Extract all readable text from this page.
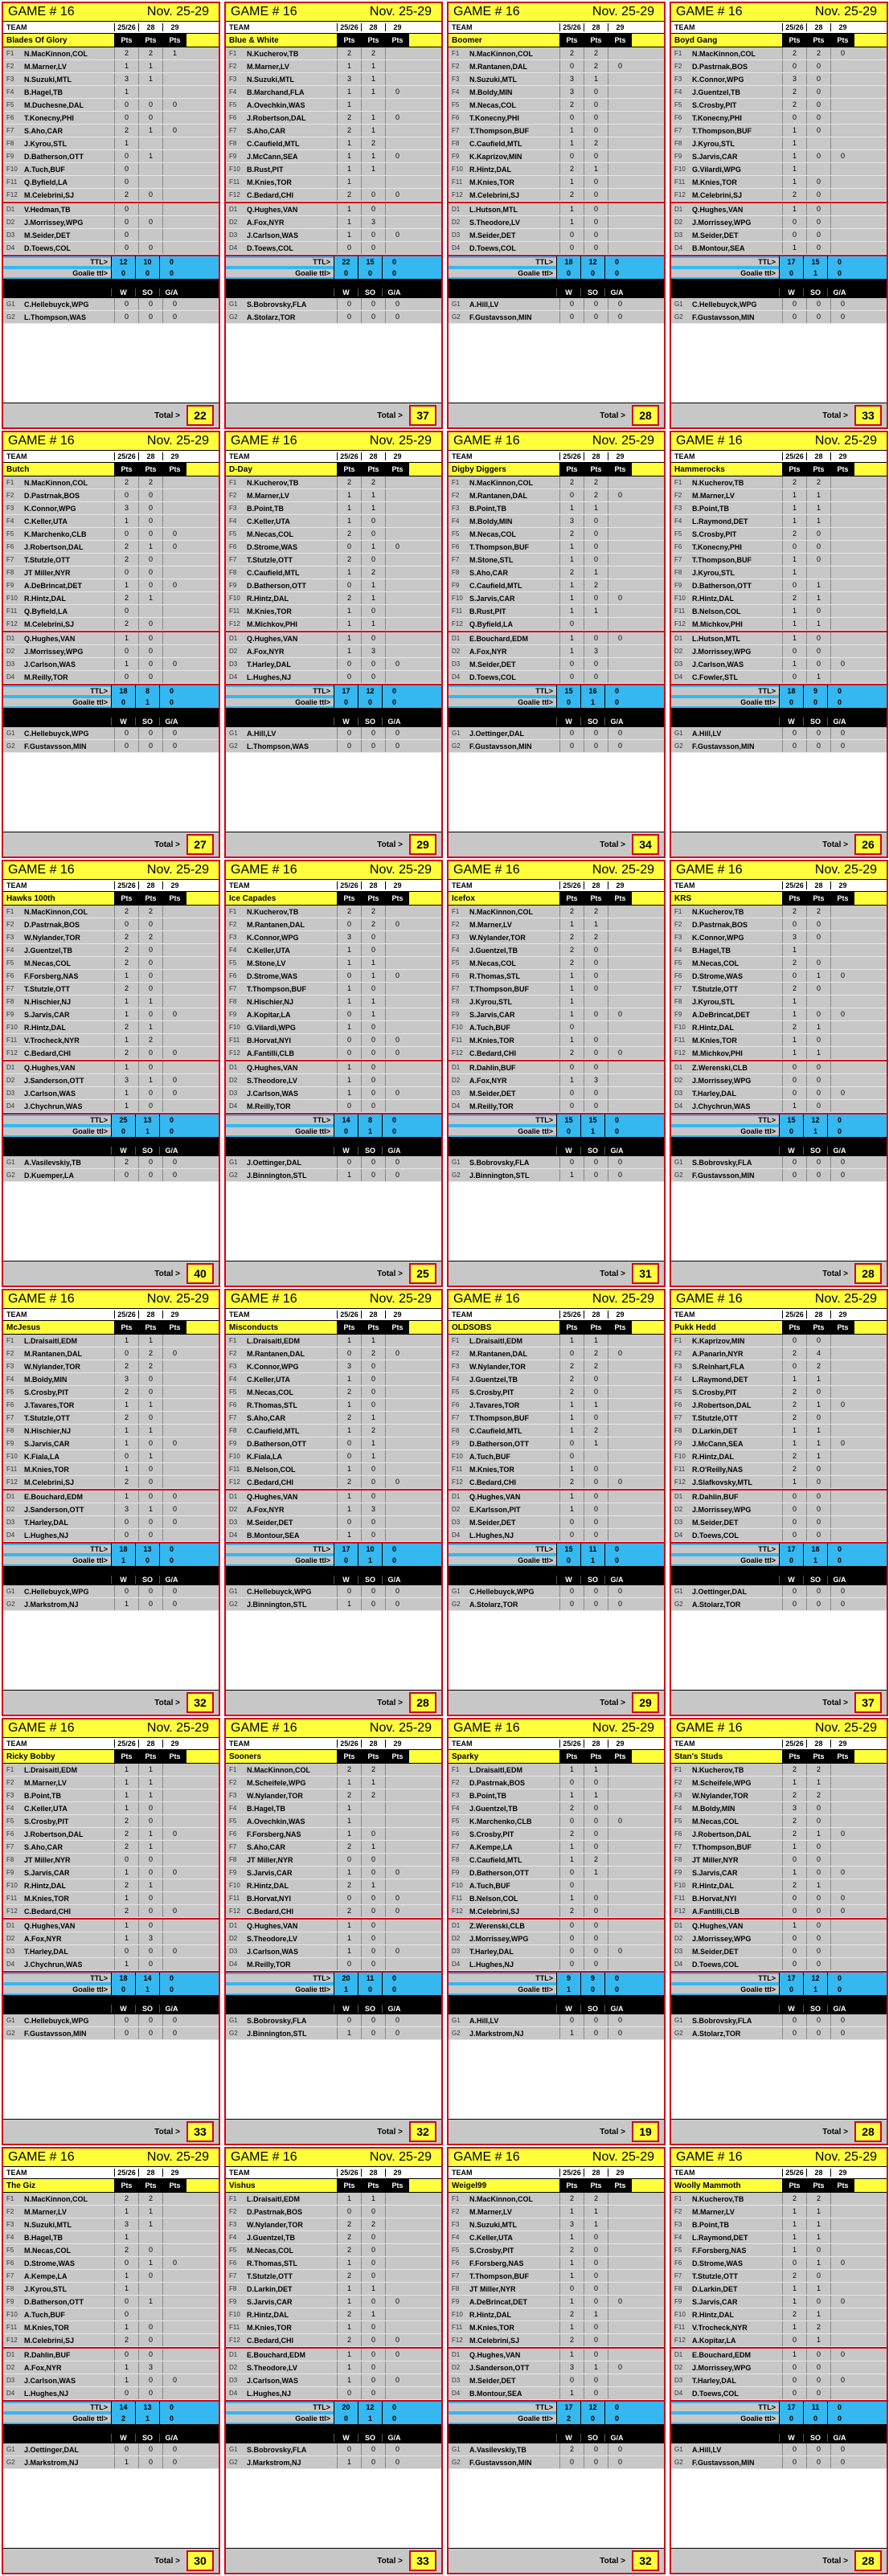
GAME # 16	Nov. 25-29
TEAM	25/26	28	29
Blades Of Glory	Pts	Pts	Pts
F1	N.MacKinnon,COL	2	2	1
F2	M.Marner,LV	1	1
F3	N.Suzuki,MTL	3	1
F4	B.Hagel,TB	1
F5	M.Duchesne,DAL	0	0	0
F6	T.Konecny,PHI	0	0
F7	S.Aho,CAR	2	1	0
F8	J.Kyrou,STL	1
F9	D.Batherson,OTT	0	1
F10 A.Tuch,BUF	0
F11 Q.Byfield,LA	0
F12 M.Celebrini,SJ	2	0
D1	V.Hedman,TB	0
D2	J.Morrissey,WPG	0	0
D3	M.Seider,DET	0
D4	D.Toews,COL	0	0
TTL>	12	10	0
Goalie ttl>	0	0	0
W	SO	G/A
G1	C.Hellebuyck,WPG	0	0	0
G2	L.Thompson,WAS	0	0	0
Total >	22
GAME # 16	Nov. 25-29
TEAM	25/26	28	29
Blue & White	Pts	Pts	Pts
F1	N.Kucherov,TB	2	2
F2	M.Marner,LV	1	1
F3	N.Suzuki,MTL	3	1
F4	B.Marchand,FLA	1	1	0
F5	A.Ovechkin,WAS	1
F6	J.Robertson,DAL	2	1	0
F7	S.Aho,CAR	2	1
F8	C.Caufield,MTL	1	2
F9	J.McCann,SEA	1	1	0
F10 B.Rust,PIT	1	1
F11 M.Knies,TOR	1
F12 C.Bedard,CHI	2	0	0
D1	Q.Hughes,VAN	1	0
D2	A.Fox,NYR	1	3
D3	J.Carlson,WAS	1	0	0
D4	D.Toews,COL	0	0
TTL>	22	15	0
Goalie ttl>	0	0	0
W	SO	G/A
G1	S.Bobrovsky,FLA	0	0	0
G2	A.Stolarz,TOR	0	0	0
Total >	37
GAME # 16	Nov. 25-29
TEAM	25/26	28	29
Boomer	Pts	Pts	Pts
F1	N.MacKinnon,COL	2	2
F2	M.Rantanen,DAL	0	2	0
F3	N.Suzuki,MTL	3	1
F4	M.Boldy,MIN	3	0
F5	M.Necas,COL	2	0
F6	T.Konecny,PHI	0	0
F7	T.Thompson,BUF	1	0
F8	C.Caufield,MTL	1	2
F9	K.Kaprizov,MIN	0	0
F10 R.Hintz,DAL	2	1
F11 M.Knies,TOR	1	0
F12 M.Celebrini,SJ	2	0
D1	L.Hutson,MTL	1	0
D2	S.Theodore,LV	1	0
D3	M.Seider,DET	0	0
D4	D.Toews,COL	0	0
TTL>	18	12	0
Goalie ttl>	0	0	0
W	SO	G/A
G1	A.Hill,LV	0	0	0
G2	F.Gustavsson,MIN	0	0	0
Total >	28
GAME # 16	Nov. 25-29
TEAM	25/26	28	29
Boyd Gang	Pts	Pts	Pts
F1	N.MacKinnon,COL	2	2	0
F2	D.Pastrnak,BOS	0	0
F3	K.Connor,WPG	3	0
F4	J.Guentzel,TB	2	0
F5	S.Crosby,PIT	2	0
F6	T.Konecny,PHI	0	0
F7	T.Thompson,BUF	1	0
F8	J.Kyrou,STL	1
F9	S.Jarvis,CAR	1	0	0
F10 G.Vilardi,WPG	1
F11 M.Knies,TOR	1	0
F12 M.Celebrini,SJ	2	0
D1	Q.Hughes,VAN	1	0
D2	J.Morrissey,WPG	0	0
D3	M.Seider,DET	0	0
D4	B.Montour,SEA	1	0
TTL>	17	15	0
Goalie ttl>	0	1	0
W	SO	G/A
G1	C.Hellebuyck,WPG	0	0	0
G2	F.Gustavsson,MIN	0	0	0
Total >	33
GAME # 16	Nov. 25-29
TEAM	25/26	28	29
Butch	Pts	Pts	Pts
F1	N.MacKinnon,COL	2	2
F2	D.Pastrnak,BOS	0	0
F3	K.Connor,WPG	3	0
F4	C.Keller,UTA	1	0
F5	K.Marchenko,CLB	0	0	0
F6	J.Robertson,DAL	2	1	0
F7	T.Stutzle,OTT	2	0
F8	JT Miller,NYR	0	0
F9	A.DeBrincat,DET	1	0	0
F10 R.Hintz,DAL	2	1
F11 Q.Byfield,LA	0
F12 M.Celebrini,SJ	2	0
D1	Q.Hughes,VAN	1	0
D2	J.Morrissey,WPG	0	0
D3	J.Carlson,WAS	1	0	0
D4	M.Reilly,TOR	0	0
TTL>	18	8	0
Goalie ttl>	0	1	0
W	SO	G/A
G1	C.Hellebuyck,WPG	0	0	0
G2	F.Gustavsson,MIN	0	0	0
Total >	27
GAME # 16	Nov. 25-29
TEAM	25/26	28	29
D-Day	Pts	Pts	Pts
F1	N.Kucherov,TB	2	2
F2	M.Marner,LV	1	1
F3	B.Point,TB	1	1
F4	C.Keller,UTA	1	0
F5	M.Necas,COL	2	0
F6	D.Strome,WAS	0	1	0
F7	T.Stutzle,OTT	2	0
F8	C.Caufield,MTL	1	2
F9	D.Batherson,OTT	0	1
F10 R.Hintz,DAL	2	1
F11 M.Knies,TOR	1	0
F12 M.Michkov,PHI	1	1
D1	Q.Hughes,VAN	1	0
D2	A.Fox,NYR	1	3
D3	T.Harley,DAL	0	0	0
D4	L.Hughes,NJ	0	0
TTL>	17	12	0
Goalie ttl>	0	0	0
W	SO	G/A
G1	A.Hill,LV	0	0	0
G2	L.Thompson,WAS	0	0	0
Total >	29
GAME # 16	Nov. 25-29
TEAM	25/26	28	29
Digby Diggers	Pts	Pts	Pts
F1	N.MacKinnon,COL	2	2
F2	M.Rantanen,DAL	0	2	0
F3	B.Point,TB	1	1
F4	M.Boldy,MIN	3	0
F5	M.Necas,COL	2	0
F6	T.Thompson,BUF	1	0
F7	M.Stone,STL	1	0
F8	S.Aho,CAR	2	1
F9	C.Caufield,MTL	1	2
F10 S.Jarvis,CAR	1	0	0
F11 B.Rust,PIT	1	1
F12 Q.Byfield,LA	0
D1	E.Bouchard,EDM	1	0	0
D2	A.Fox,NYR	1	3
D3	M.Seider,DET	0	0
D4	D.Toews,COL	0	0
TTL>	15	16	0
Goalie ttl>	0	1	0
W	SO	G/A
G1	J.Oettinger,DAL	0	0	0
G2	F.Gustavsson,MIN	0	0	0
Total >	34
GAME # 16	Nov. 25-29
TEAM	25/26	28	29
Hammerocks	Pts	Pts	Pts
F1	N.Kucherov,TB	2	2
F2	M.Marner,LV	1	1
F3	B.Point,TB	1	1
F4	L.Raymond,DET	1	1
F5	S.Crosby,PIT	2	0
F6	T.Konecny,PHI	0	0
F7	T.Thompson,BUF	1	0
F8	J.Kyrou,STL	1
F9	D.Batherson,OTT	0	1
F10 R.Hintz,DAL	2	1
F11 B.Nelson,COL	1	0
F12 M.Michkov,PHI	1	1
D1	L.Hutson,MTL	1	0
D2	J.Morrissey,WPG	0	0
D3	J.Carlson,WAS	1	0	0
D4	C.Fowler,STL	0	1
TTL>	18	9	0
Goalie ttl>	0	0	0
W	SO	G/A
G1	A.Hill,LV	0	0	0
G2	F.Gustavsson,MIN	0	0	0
Total >	26
GAME # 16	Nov. 25-29
TEAM	25/26	28	29
Hawks 100th	Pts	Pts	Pts
F1	N.MacKinnon,COL	2	2
F2	D.Pastrnak,BOS	0	0
F3	W.Nylander,TOR	2	2
F4	J.Guentzel,TB	2	0
F5	M.Necas,COL	2	0
F6	F.Forsberg,NAS	1	0
F7	T.Stutzle,OTT	2	0
F8	N.Hischier,NJ	1	1
F9	S.Jarvis,CAR	1	0	0
F10 R.Hintz,DAL	2	1
F11 V.Trocheck,NYR	1	2
F12 C.Bedard,CHI	2	0	0
D1	Q.Hughes,VAN	1	0
D2	J.Sanderson,OTT	3	1	0
D3	J.Carlson,WAS	1	0	0
D4	J.Chychrun,WAS	1	0
TTL>	25	13	0
Goalie ttl>	0	1	0
W	SO	G/A
G1	A.Vasilevskiy,TB	2	0	0
G2	D.Kuemper,LA	0	0	0
Total >	40
GAME # 16	Nov. 25-29
TEAM	25/26	28	29
Ice Capades	Pts	Pts	Pts
F1	N.Kucherov,TB	2	2
F2	M.Rantanen,DAL	0	2	0
F3	K.Connor,WPG	3	0
F4	C.Keller,UTA	1	0
F5	M.Stone,LV	1	1
F6	D.Strome,WAS	0	1	0
F7	T.Thompson,BUF	1	0
F8	N.Hischier,NJ	1	1
F9	A.Kopitar,LA	0	1
F10 G.Vilardi,WPG	1	0
F11 B.Horvat,NYI	0	0	0
F12 A.Fantilli,CLB	0	0	0
D1	Q.Hughes,VAN	1	0
D2	S.Theodore,LV	1	0
D3	J.Carlson,WAS	1	0	0
D4	M.Reilly,TOR	0	0
TTL>	14	8	0
Goalie ttl>	0	1	0
W	SO	G/A
G1	J.Oettinger,DAL	0	0	0
G2	J.Binnington,STL	1	0	0
Total >	25
GAME # 16	Nov. 25-29
TEAM	25/26	28	29
Icefox	Pts	Pts	Pts
F1	N.MacKinnon,COL	2	2
F2	M.Marner,LV	1	1
F3	W.Nylander,TOR	2	2
F4	J.Guentzel,TB	2	0
F5	M.Necas,COL	2	0
F6	R.Thomas,STL	1	0
F7	T.Thompson,BUF	1	0
F8	J.Kyrou,STL	1
F9	S.Jarvis,CAR	1	0	0
F10 A.Tuch,BUF	0
F11 M.Knies,TOR	1	0
F12 C.Bedard,CHI	2	0	0
D1	R.Dahlin,BUF	0	0
D2	A.Fox,NYR	1	3
D3	M.Seider,DET	0	0
D4	M.Reilly,TOR	0	0
TTL>	15	15	0
Goalie ttl>	0	1	0
W	SO	G/A
G1	S.Bobrovsky,FLA	0	0	0
G2	J.Binnington,STL	1	0	0
Total >	31
GAME # 16	Nov. 25-29
TEAM	25/26	28	29
KRS	Pts	Pts	Pts
F1	N.Kucherov,TB	2	2
F2	D.Pastrnak,BOS	0	0
F3	K.Connor,WPG	3	0
F4	B.Hagel,TB	1
F5	M.Necas,COL	2	0
F6	D.Strome,WAS	0	1	0
F7	T.Stutzle,OTT	2	0
F8	J.Kyrou,STL	1
F9	A.DeBrincat,DET	1	0	0
F10 R.Hintz,DAL	2	1
F11 M.Knies,TOR	1	0
F12 M.Michkov,PHI	1	1
D1	Z.Werenski,CLB	0	0
D2	J.Morrissey,WPG	0	0
D3	T.Harley,DAL	0	0	0
D4	J.Chychrun,WAS	1	0
TTL>	15	12	0
Goalie ttl>	0	1	0
W	SO	G/A
G1	S.Bobrovsky,FLA	0	0	0
G2	F.Gustavsson,MIN	0	0	0
Total >	28
GAME # 16	Nov. 25-29
TEAM	25/26	28	29
McJesus	Pts	Pts	Pts
F1	L.Draisaitl,EDM	1	1
F2	M.Rantanen,DAL	0	2	0
F3	W.Nylander,TOR	2	2
F4	M.Boldy,MIN	3	0
F5	S.Crosby,PIT	2	0
F6	J.Tavares,TOR	1	1
F7	T.Stutzle,OTT	2	0
F8	N.Hischier,NJ	1	1
F9	S.Jarvis,CAR	1	0	0
F10 K.Fiala,LA	0	1
F11 M.Knies,TOR	1	0
F12 M.Celebrini,SJ	2	0
D1	E.Bouchard,EDM	1	0	0
D2	J.Sanderson,OTT	3	1	0
D3	T.Harley,DAL	0	0	0
D4	L.Hughes,NJ	0	0
TTL>	18	13	0
Goalie ttl>	1	0	0
W	SO	G/A
G1	C.Hellebuyck,WPG	0	0	0
G2	J.Markstrom,NJ	1	0	0
Total >	32
GAME # 16	Nov. 25-29
TEAM	25/26	28	29
Misconducts	Pts	Pts	Pts
F1	L.Draisaitl,EDM	1	1
F2	M.Rantanen,DAL	0	2	0
F3	K.Connor,WPG	3	0
F4	C.Keller,UTA	1	0
F5	M.Necas,COL	2	0
F6	R.Thomas,STL	1	0
F7	S.Aho,CAR	2	1
F8	C.Caufield,MTL	1	2
F9	D.Batherson,OTT	0	1
F10 K.Fiala,LA	0	1
F11 B.Nelson,COL	1	0
F12 C.Bedard,CHI	2	0	0
D1	Q.Hughes,VAN	1	0
D2	A.Fox,NYR	1	3
D3	M.Seider,DET	0	0
D4	B.Montour,SEA	1	0
TTL>	17	10	0
Goalie ttl>	0	1	0
W	SO	G/A
G1	C.Hellebuyck,WPG	0	0	0
G2	J.Binnington,STL	1	0	0
Total >	28
GAME # 16	Nov. 25-29
TEAM	25/26	28	29
OLDSOBS	Pts	Pts	Pts
F1	L.Draisaitl,EDM	1	1
F2	M.Rantanen,DAL	0	2	0
F3	W.Nylander,TOR	2	2
F4	J.Guentzel,TB	2	0
F5	S.Crosby,PIT	2	0
F6	J.Tavares,TOR	1	1
F7	T.Thompson,BUF	1	0
F8	C.Caufield,MTL	1	2
F9	D.Batherson,OTT	0	1
F10 A.Tuch,BUF	0
F11 M.Knies,TOR	1	0
F12 C.Bedard,CHI	2	0	0
D1	Q.Hughes,VAN	1	0
D2	E.Karlsson,PIT	1	0
D3	M.Seider,DET	0	0
D4	L.Hughes,NJ	0	0
TTL>	15	11	0
Goalie ttl>	0	1	0
W	SO	G/A
G1	C.Hellebuyck,WPG	0	0	0
G2	A.Stolarz,TOR	0	0	0
Total >	29
GAME # 16	Nov. 25-29
TEAM	25/26	28	29
Pukk Hedd	Pts	Pts	Pts
F1	K.Kaprizov,MIN	0	0
F2	A.Panarin,NYR	2	4
F3	S.Reinhart,FLA	0	2
F4	L.Raymond,DET	1	1
F5	S.Crosby,PIT	2	0
F6	J.Robertson,DAL	2	1	0
F7	T.Stutzle,OTT	2	0
F8	D.Larkin,DET	1	1
F9	J.McCann,SEA	1	1	0
F10 R.Hintz,DAL	2	1
F11 R.O'Reilly,NAS	2	0
F12 J.Slafkovsky,MTL	1	0
D1	R.Dahlin,BUF	0	0
D2	J.Morrissey,WPG	0	0
D3	M.Seider,DET	0	0
D4	D.Toews,COL	0	0
TTL>	17	18	0
Goalie ttl>	0	1	0
W	SO	G/A
G1	J.Oettinger,DAL	0	0	0
G2	A.Stolarz,TOR	0	0	0
Total >	37
GAME # 16	Nov. 25-29
TEAM	25/26	28	29
Ricky Bobby	Pts	Pts	Pts
F1	L.Draisaitl,EDM	1	1
F2	M.Marner,LV	1	1
F3	B.Point,TB	1	1
F4	C.Keller,UTA	1	0
F5	S.Crosby,PIT	2	0
F6	J.Robertson,DAL	2	1	0
F7	S.Aho,CAR	2	1
F8	JT Miller,NYR	0	0
F9	S.Jarvis,CAR	1	0	0
F10 R.Hintz,DAL	2	1
F11 M.Knies,TOR	1	0
F12 C.Bedard,CHI	2	0	0
D1	Q.Hughes,VAN	1	0
D2	A.Fox,NYR	1	3
D3	T.Harley,DAL	0	0	0
D4	J.Chychrun,WAS	1	0
TTL>	18	14	0
Goalie ttl>	0	1	0
W	SO	G/A
G1	C.Hellebuyck,WPG	0	0	0
G2	F.Gustavsson,MIN	0	0	0
Total >	33
GAME # 16	Nov. 25-29
TEAM	25/26	28	29
Sooners	Pts	Pts	Pts
F1	N.MacKinnon,COL	2	2
F2	M.Scheifele,WPG	1	1
F3	W.Nylander,TOR	2	2
F4	B.Hagel,TB	1
F5	A.Ovechkin,WAS	1
F6	F.Forsberg,NAS	1	0
F7	S.Aho,CAR	2	1
F8	JT Miller,NYR	0	0
F9	S.Jarvis,CAR	1	0	0
F10 R.Hintz,DAL	2	1
F11 B.Horvat,NYI	0	0	0
F12 C.Bedard,CHI	2	0	0
D1	Q.Hughes,VAN	1	0
D2	S.Theodore,LV	1	0
D3	J.Carlson,WAS	1	0	0
D4	M.Reilly,TOR	0	0
TTL>	20	11	0
Goalie ttl>	1	0	0
W	SO	G/A
G1	S.Bobrovsky,FLA	0	0	0
G2	J.Binnington,STL	1	0	0
Total >	32
GAME # 16	Nov. 25-29
TEAM	25/26	28	29
Sparky	Pts	Pts	Pts
F1	L.Draisaitl,EDM	1	1
F2	D.Pastrnak,BOS	0	0
F3	B.Point,TB	1	1
F4	J.Guentzel,TB	2	0
F5	K.Marchenko,CLB	0	0	0
F6	S.Crosby,PIT	2	0
F7	A.Kempe,LA	1	0
F8	C.Caufield,MTL	1	2
F9	D.Batherson,OTT	0	1
F10 A.Tuch,BUF	0
F11 B.Nelson,COL	1	0
F12 M.Celebrini,SJ	2	0
D1	Z.Werenski,CLB	0	0
D2	J.Morrissey,WPG	0	0
D3	T.Harley,DAL	0	0	0
D4	L.Hughes,NJ	0	0
TTL>	9	9	0
Goalie ttl>	1	0	0
W	SO	G/A
G1	A.Hill,LV	0	0	0
G2	J.Markstrom,NJ	1	0	0
Total >	19
GAME # 16	Nov. 25-29
TEAM	25/26	28	29
Stan's Studs	Pts	Pts	Pts
F1	N.Kucherov,TB	2	2
F2	M.Scheifele,WPG	1	1
F3	W.Nylander,TOR	2	2
F4	M.Boldy,MIN	3	0
F5	M.Necas,COL	2	0
F6	J.Robertson,DAL	2	1	0
F7	T.Thompson,BUF	1	0
F8	JT Miller,NYR	0	0
F9	S.Jarvis,CAR	1	0	0
F10 R.Hintz,DAL	2	1
F11 B.Horvat,NYI	0	0	0
F12 A.Fantilli,CLB	0	0	0
D1	Q.Hughes,VAN	1	0
D2	J.Morrissey,WPG	0	0
D3	M.Seider,DET	0	0
D4	D.Toews,COL	0	0
TTL>	17	12	0
Goalie ttl>	0	1	0
W	SO	G/A
G1	S.Bobrovsky,FLA	0	0	0
G2	A.Stolarz,TOR	0	0	0
Total >	28
GAME # 16	Nov. 25-29
TEAM	25/26	28	29
The Giz	Pts	Pts	Pts
F1	N.MacKinnon,COL	2	2
F2	M.Marner,LV	1	1
F3	N.Suzuki,MTL	3	1
F4	B.Hagel,TB	1
F5	M.Necas,COL	2	0
F6	D.Strome,WAS	0	1	0
F7	A.Kempe,LA	1	0
F8	J.Kyrou,STL	1
F9	D.Batherson,OTT	0	1
F10 A.Tuch,BUF	0
F11 M.Knies,TOR	1	0
F12 M.Celebrini,SJ	2	0
D1	R.Dahlin,BUF	0	0
D2	A.Fox,NYR	1	3
D3	J.Carlson,WAS	1	0	0
D4	L.Hughes,NJ	0	0
TTL>	14	13	0
Goalie ttl>	2	1	0
W	SO	G/A
G1	J.Oettinger,DAL	0	0	0
G2	J.Markstrom,NJ	1	0	0
Total >	30
GAME # 16	Nov. 25-29
TEAM	25/26	28	29
Vishus	Pts	Pts	Pts
F1	L.Draisaitl,EDM	1	1
F2	D.Pastrnak,BOS	0	0
F3	W.Nylander,TOR	2	2
F4	J.Guentzel,TB	2	0
F5	M.Necas,COL	2	0
F6	R.Thomas,STL	1	0
F7	T.Stutzle,OTT	2	0
F8	D.Larkin,DET	1	1
F9	S.Jarvis,CAR	1	0	0
F10 R.Hintz,DAL	2	1
F11 M.Knies,TOR	1	0
F12 C.Bedard,CHI	2	0	0
D1	E.Bouchard,EDM	1	0	0
D2	S.Theodore,LV	1	0
D3	J.Carlson,WAS	1	0	0
D4	L.Hughes,NJ	0	0
TTL>	20	12	0
Goalie ttl>	0	1	0
W	SO	G/A
G1	S.Bobrovsky,FLA	0	0	0
G2	J.Markstrom,NJ	1	0	0
Total >	33
GAME # 16	Nov. 25-29
TEAM	25/26	28	29
Weigel99	Pts	Pts	Pts
F1	N.MacKinnon,COL	2	2
F2	M.Marner,LV	1	1
F3	N.Suzuki,MTL	3	1
F4	C.Keller,UTA	1	0
F5	S.Crosby,PIT	2	0
F6	F.Forsberg,NAS	1	0
F7	T.Thompson,BUF	1	0
F8	JT Miller,NYR	0	0
F9	A.DeBrincat,DET	1	0	0
F10 R.Hintz,DAL	2	1
F11 M.Knies,TOR	1	0
F12 M.Celebrini,SJ	2	0
D1	Q.Hughes,VAN	1	0
D2	J.Sanderson,OTT	3	1	0
D3	M.Seider,DET	0	0
D4	B.Montour,SEA	1	0
TTL>	17	12	0
Goalie ttl>	2	0	0
W	SO	G/A
G1	A.Vasilevskiy,TB	2	0	0
G2	F.Gustavsson,MIN	0	0	0
Total >	32
GAME # 16	Nov. 25-29
TEAM	25/26	28	29
Woolly Mammoth	Pts	Pts	Pts
F1	N.Kucherov,TB	2	2
F2	M.Marner,LV	1	1
F3	B.Point,TB	1	1
F4	L.Raymond,DET	1	1
F5	F.Forsberg,NAS	1	0
F6	D.Strome,WAS	0	1	0
F7	T.Stutzle,OTT	2	0
F8	D.Larkin,DET	1	1
F9	S.Jarvis,CAR	1	0	0
F10 R.Hintz,DAL	2	1
F11 V.Trocheck,NYR	1	2
F12 A.Kopitar,LA	0	1
D1	E.Bouchard,EDM	1	0	0
D2	J.Morrissey,WPG	0	0
D3	T.Harley,DAL	0	0	0
D4	D.Toews,COL	0	0
TTL>	17	11	0
Goalie ttl>	0	0	0
W	SO	G/A
G1	A.Hill,LV	0	0	0
G2	F.Gustavsson,MIN	0	0	0
Total >	28
